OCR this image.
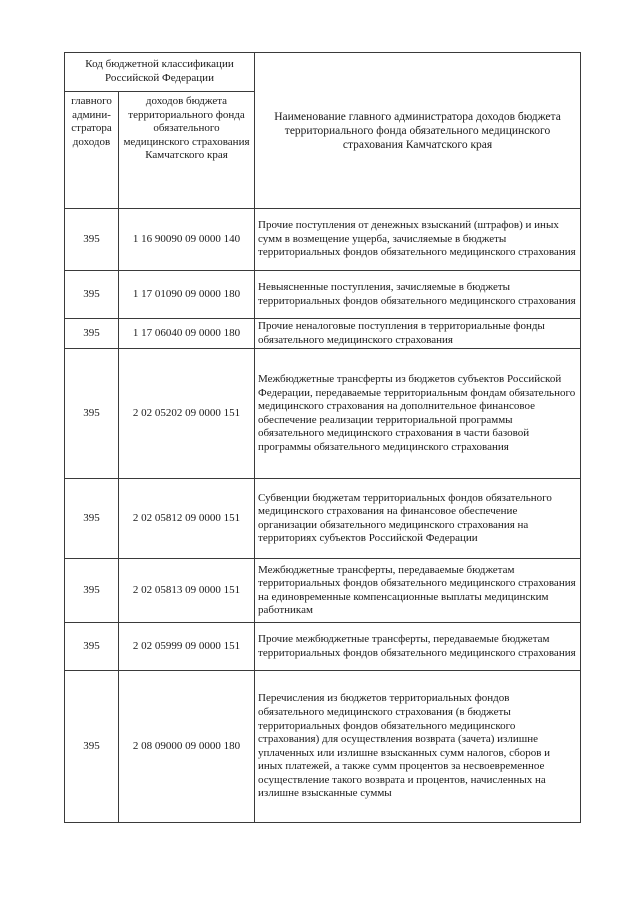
Код бюджетной классификации Российской Федерации		Наименование главного администратора доходов бюджета территориального фонда обязательного медицинского страхования Камчатского края
главного админи-стратора доходов	доходов бюджета территориального фонда обязательного медицинского страхования Камчатского края	
395	1 16 90090 09 0000 140	Прочие поступления от денежных взысканий (штрафов) и иных сумм в возмещение ущерба, зачисляемые в бюджеты территориальных фондов обязательного медицинского страхования
395	1 17 01090 09 0000 180	Невыясненные поступления, зачисляемые в бюджеты территориальных фондов обязательного медицинского страхования
395	1 17 06040 09 0000 180	Прочие неналоговые поступления в территориальные фонды обязательного медицинского страхования
395	2 02 05202 09 0000 151	Межбюджетные трансферты из бюджетов субъектов Российской Федерации, передаваемые территориальным фондам обязательного медицинского страхования на дополнительное финансовое обеспечение реализации территориальной программы обязательного медицинского страхования в части базовой программы обязательного медицинского страхования
395	2 02 05812 09 0000 151	Субвенции бюджетам территориальных фондов обязательного медицинского страхования на финансовое обеспечение организации обязательного медицинского страхования на территориях субъектов Российской Федерации
395	2 02 05813 09 0000 151	Межбюджетные трансферты, передаваемые бюджетам территориальных фондов обязательного медицинского страхования на единовременные компенсационные выплаты медицинским работникам
395	2 02 05999 09 0000 151	Прочие межбюджетные трансферты, передаваемые бюджетам территориальных фондов обязательного медицинского страхования
395	2 08 09000 09 0000 180	Перечисления из бюджетов территориальных фондов обязательного медицинского страхования (в бюджеты территориальных фондов обязательного медицинского страхования) для осуществления возврата (зачета) излишне уплаченных или излишне взысканных сумм налогов, сборов и иных платежей, а также сумм процентов за несвоевременное осуществление такого возврата и процентов, начисленных на излишне взысканные суммы
